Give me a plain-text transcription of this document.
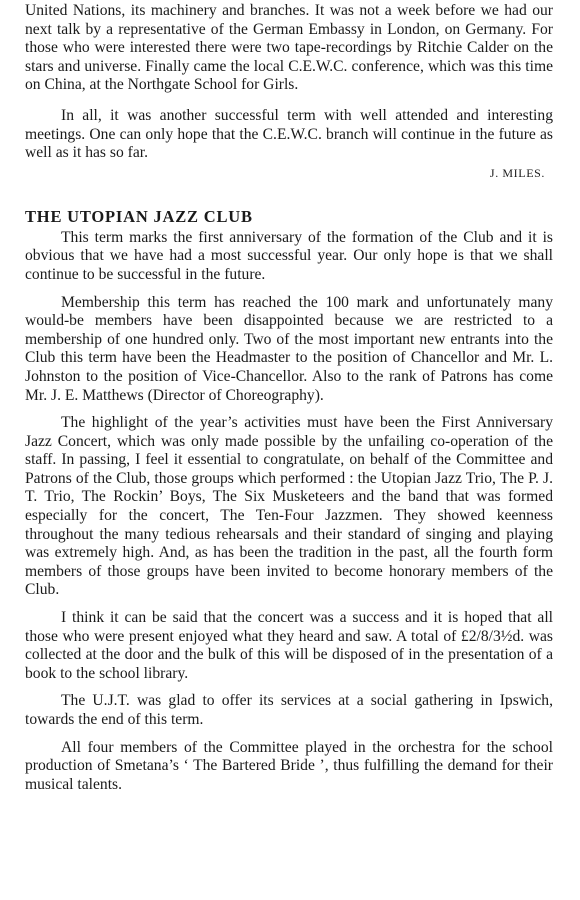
United Nations, its machinery and branches. It was not a week before we had our next talk by a representative of the German Embassy in London, on Germany. For those who were interested there were two tape-recordings by Ritchie Calder on the stars and universe. Finally came the local C.E.W.C. conference, which was this time on China, at the Northgate School for Girls.

In all, it was another successful term with well attended and interesting meetings. One can only hope that the C.E.W.C. branch will continue in the future as well as it has so far.

J. MILES.

THE UTOPIAN JAZZ CLUB

This term marks the first anniversary of the formation of the Club and it is obvious that we have had a most successful year. Our only hope is that we shall continue to be successful in the future.

Membership this term has reached the 100 mark and unfortunately many would-be members have been disappointed because we are restricted to a membership of one hundred only. Two of the most important new entrants into the Club this term have been the Headmaster to the position of Chancellor and Mr. L. Johnston to the position of Vice-Chancellor. Also to the rank of Patrons has come Mr. J. E. Matthews (Director of Choreography).

The highlight of the year’s activities must have been the First Anniversary Jazz Concert, which was only made possible by the unfailing co-operation of the staff. In passing, I feel it essential to congratulate, on behalf of the Committee and Patrons of the Club, those groups which performed : the Utopian Jazz Trio, The P. J. T. Trio, The Rockin’ Boys, The Six Musketeers and the band that was formed especially for the concert, The Ten-Four Jazzmen. They showed keenness throughout the many tedious rehearsals and their standard of singing and playing was extremely high. And, as has been the tradition in the past, all the fourth form members of those groups have been invited to become honorary members of the Club.

I think it can be said that the concert was a success and it is hoped that all those who were present enjoyed what they heard and saw. A total of £2/8/3½d. was collected at the door and the bulk of this will be disposed of in the presentation of a book to the school library.

The U.J.T. was glad to offer its services at a social gathering in Ipswich, towards the end of this term.

All four members of the Committee played in the orchestra for the school production of Smetana’s ‘ The Bartered Bride ’, thus fulfilling the demand for their musical talents.
